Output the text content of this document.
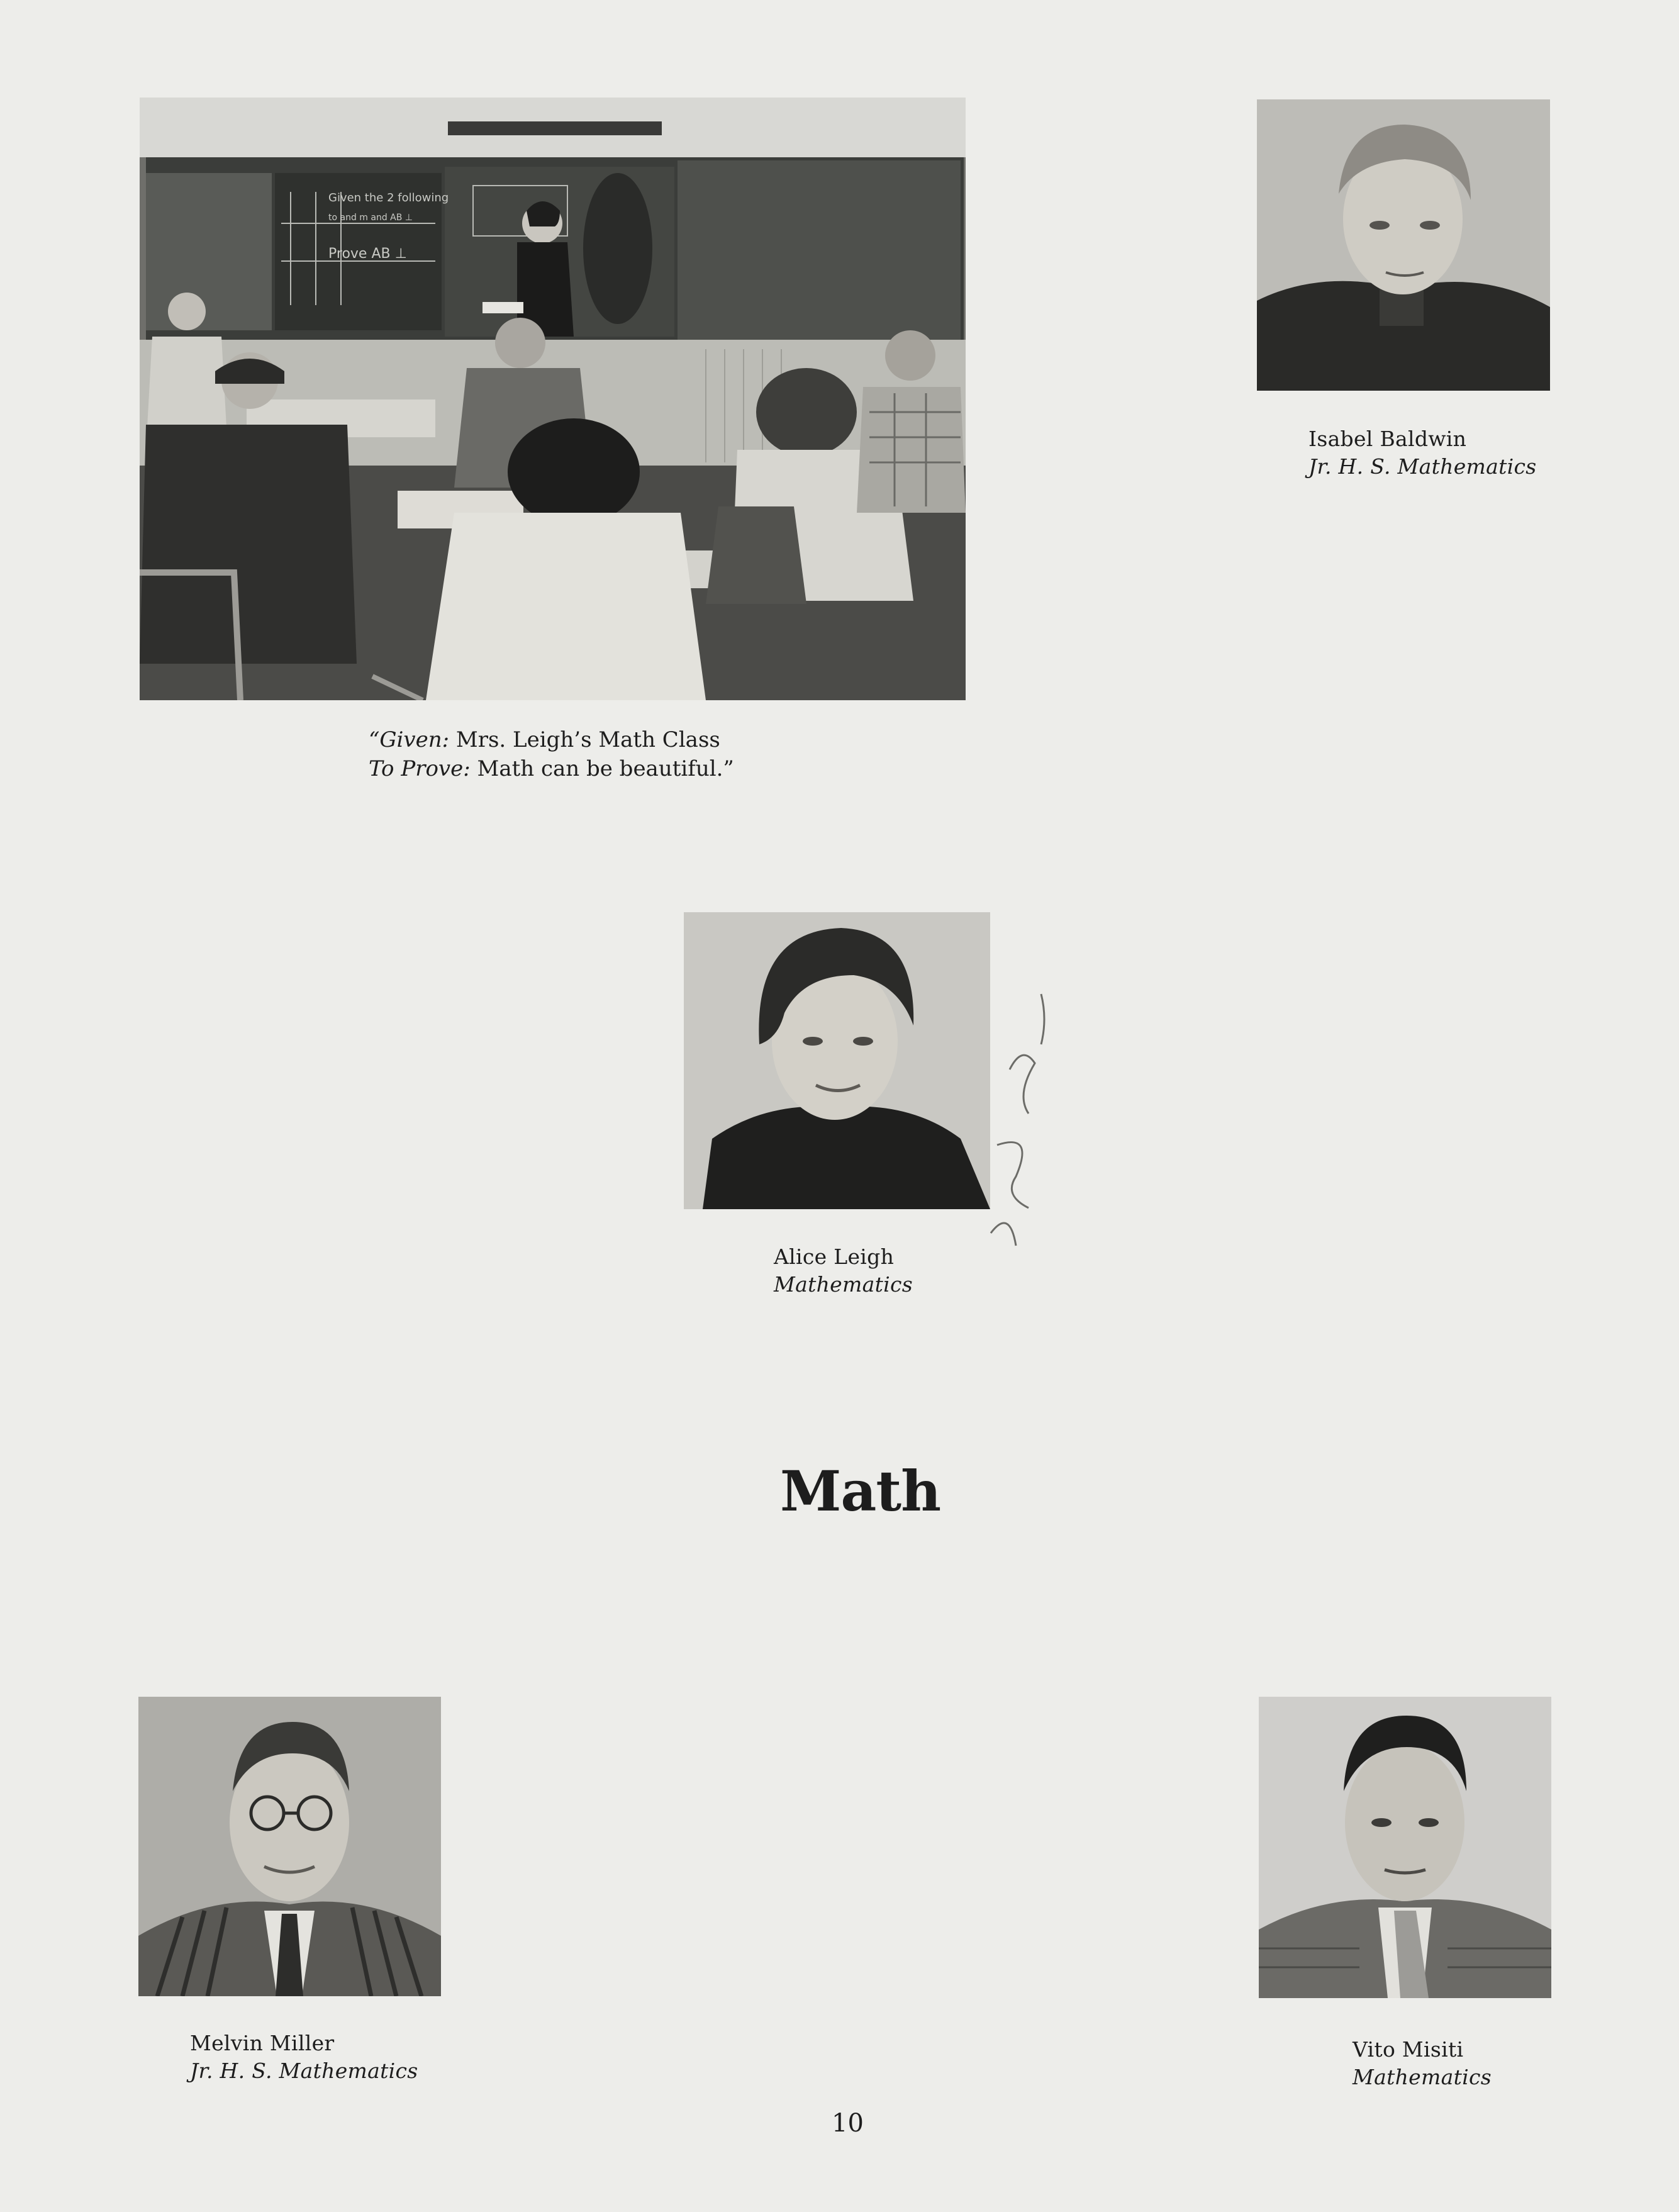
Given the 2 following
to and m and AB ⊥
Prove AB ⊥
“Given: Mrs. Leigh’s Math Class
To Prove: Math can be beautiful.”
Isabel Baldwin
Jr. H. S. Mathematics
Alice Leigh
Mathematics
Math
Melvin Miller
Jr. H. S. Mathematics
Vito Misiti
Mathematics
10
